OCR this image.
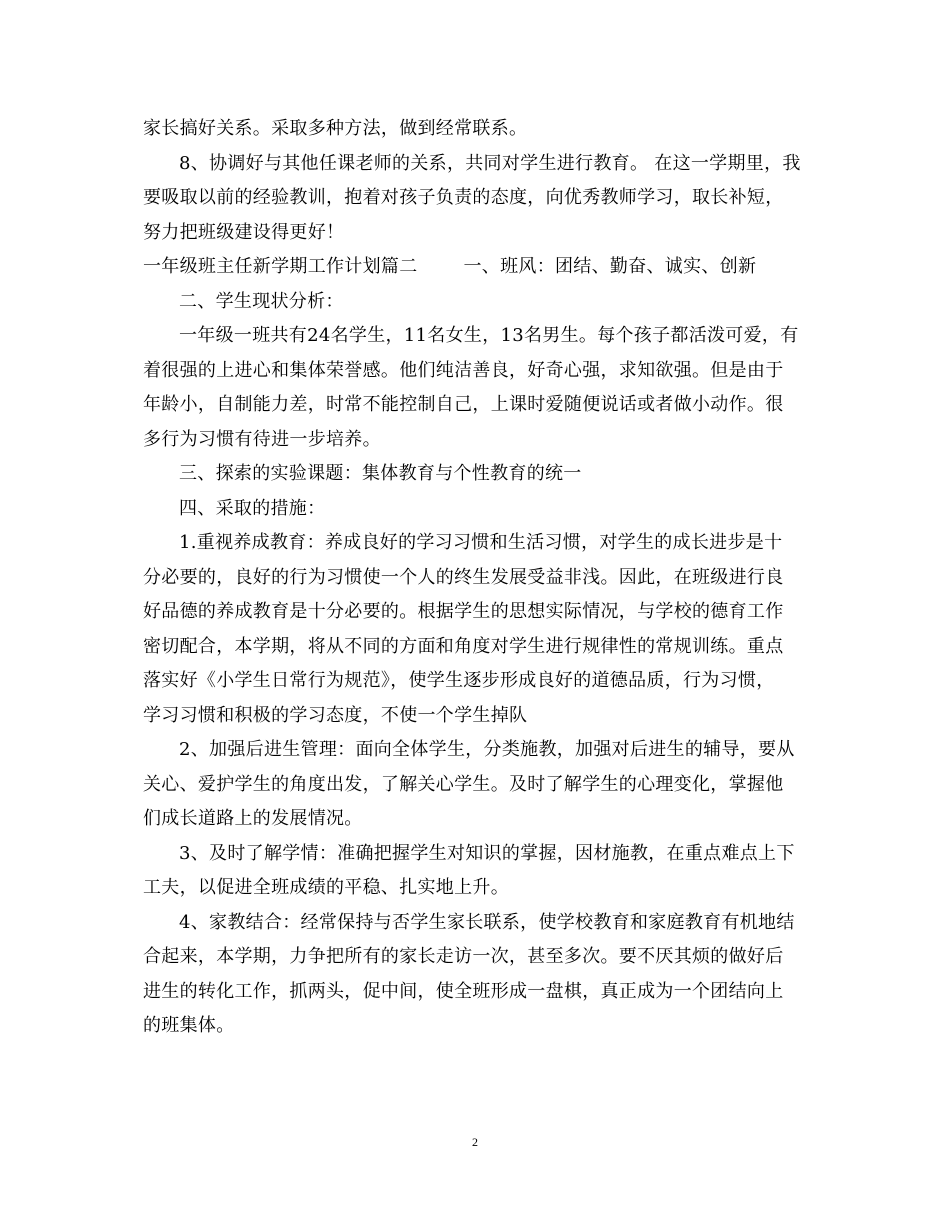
家长搞好关系。采取多种方法，做到经常联系。
8、协调好与其他任课老师的关系，共同对学生进行教育。 在这一学期里，我
要吸取以前的经验教训，抱着对孩子负责的态度，向优秀教师学习，取长补短，
努力把班级建设得更好！
一年级班主任新学期工作计划篇二	一、班风：团结、勤奋、诚实、创新
二、学生现状分析：
一年级一班共有24名学生，11名女生，13名男生。每个孩子都活泼可爱，有
着很强的上进心和集体荣誉感。他们纯洁善良，好奇心强，求知欲强。但是由于
年龄小，自制能力差，时常不能控制自己，上课时爱随便说话或者做小动作。很
多行为习惯有待进一步培养。
三、探索的实验课题：集体教育与个性教育的统一
四、采取的措施：
1.重视养成教育：养成良好的学习习惯和生活习惯，对学生的成长进步是十
分必要的，良好的行为习惯使一个人的终生发展受益非浅。因此，在班级进行良
好品德的养成教育是十分必要的。根据学生的思想实际情况，与学校的德育工作
密切配合，本学期，将从不同的方面和角度对学生进行规律性的常规训练。重点
落实好《小学生日常行为规范》，使学生逐步形成良好的道德品质，行为习惯，
学习习惯和积极的学习态度，不使一个学生掉队
2、加强后进生管理：面向全体学生，分类施教，加强对后进生的辅导，要从
关心、爱护学生的角度出发，了解关心学生。及时了解学生的心理变化，掌握他
们成长道路上的发展情况。
3、及时了解学情：准确把握学生对知识的掌握，因材施教，在重点难点上下
工夫，以促进全班成绩的平稳、扎实地上升。
4、家教结合：经常保持与否学生家长联系，使学校教育和家庭教育有机地结
合起来，本学期，力争把所有的家长走访一次，甚至多次。要不厌其烦的做好后
进生的转化工作，抓两头，促中间，使全班形成一盘棋，真正成为一个团结向上
的班集体。
2
